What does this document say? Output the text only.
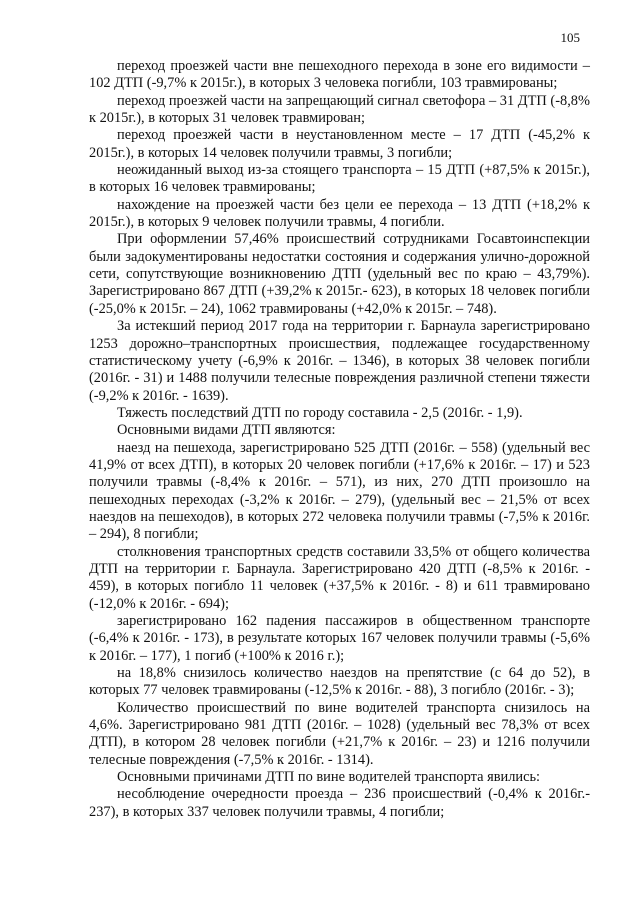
105

переход проезжей части вне пешеходного перехода в зоне его видимости – 102 ДТП (-9,7% к 2015г.), в которых 3 человека погибли, 103 травмированы;

переход проезжей части на запрещающий сигнал светофора – 31 ДТП (-8,8% к 2015г.), в которых 31 человек травмирован;

переход проезжей части в неустановленном месте – 17 ДТП (-45,2% к 2015г.), в которых 14 человек получили травмы, 3 погибли;

неожиданный выход из-за стоящего транспорта – 15 ДТП (+87,5% к 2015г.), в которых 16 человек травмированы;

нахождение на проезжей части без цели ее перехода – 13 ДТП (+18,2% к 2015г.), в которых 9 человек получили травмы, 4 погибли.

При оформлении 57,46% происшествий сотрудниками Госавтоинспекции были задокументированы недостатки состояния и содержания улично-дорожной сети, сопутствующие возникновению ДТП (удельный вес по краю – 43,79%). Зарегистрировано 867 ДТП (+39,2% к 2015г.- 623), в которых 18 человек погибли (-25,0% к 2015г. – 24), 1062 травмированы (+42,0% к 2015г. – 748).

За истекший период 2017 года на территории г. Барнаула зарегистрировано 1253 дорожно–транспортных происшествия, подлежащее государственному статистическому учету (-6,9% к 2016г. – 1346), в которых 38 человек погибли (2016г. - 31) и 1488 получили телесные повреждения различной степени тяжести (-9,2% к 2016г. - 1639).

Тяжесть последствий ДТП по городу составила - 2,5 (2016г. - 1,9).

Основными видами ДТП являются:

наезд на пешехода, зарегистрировано 525 ДТП (2016г. – 558) (удельный вес 41,9% от всех ДТП), в которых 20 человек погибли (+17,6% к 2016г. – 17) и 523 получили травмы (-8,4% к 2016г. – 571), из них, 270 ДТП произошло на пешеходных переходах (-3,2% к 2016г. – 279), (удельный вес – 21,5% от всех наездов на пешеходов), в которых 272 человека получили травмы (-7,5% к 2016г. – 294), 8 погибли;

столкновения транспортных средств составили 33,5% от общего количества ДТП на территории г. Барнаула. Зарегистрировано 420 ДТП (-8,5% к 2016г. - 459), в которых погибло 11 человек (+37,5% к 2016г. - 8) и 611 травмировано (-12,0% к 2016г. - 694);

зарегистрировано 162 падения пассажиров в общественном транспорте (-6,4% к 2016г. - 173), в результате которых 167 человек получили травмы (-5,6% к 2016г. – 177), 1 погиб (+100% к 2016 г.);

на 18,8% снизилось количество наездов на препятствие (с 64 до 52), в которых 77 человек травмированы (-12,5% к 2016г. - 88), 3 погибло (2016г. - 3);

Количество происшествий по вине водителей транспорта снизилось на 4,6%. Зарегистрировано 981 ДТП (2016г. – 1028) (удельный вес 78,3% от всех ДТП), в котором 28 человек погибли (+21,7% к 2016г. – 23) и 1216 получили телесные повреждения (-7,5% к 2016г. - 1314).

Основными причинами ДТП по вине водителей транспорта явились:

несоблюдение очередности проезда – 236 происшествий (-0,4% к 2016г.- 237), в которых 337 человек получили травмы, 4 погибли;
